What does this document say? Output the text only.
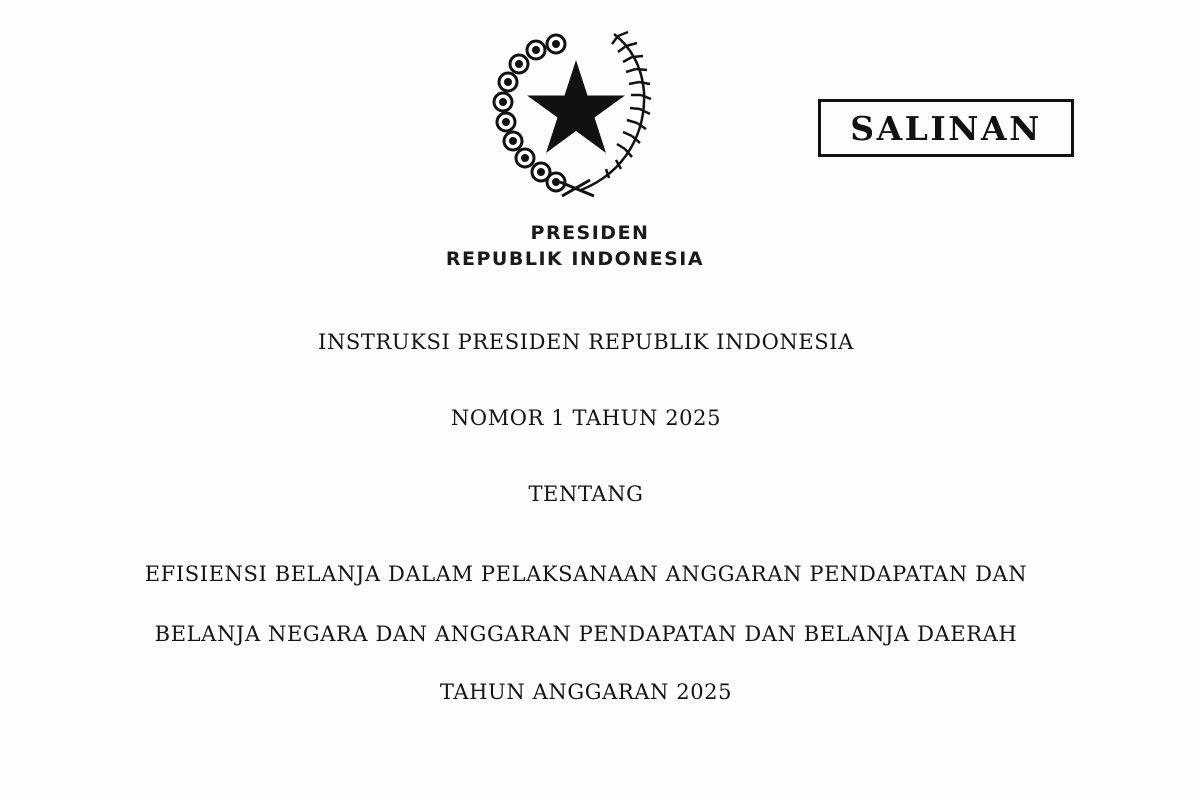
PRESIDEN
REPUBLIK INDONESIA
SALINAN
INSTRUKSI PRESIDEN REPUBLIK INDONESIA
NOMOR 1 TAHUN 2025
TENTANG
EFISIENSI BELANJA DALAM PELAKSANAAN ANGGARAN PENDAPATAN DAN
BELANJA NEGARA DAN ANGGARAN PENDAPATAN DAN BELANJA DAERAH
TAHUN ANGGARAN 2025
